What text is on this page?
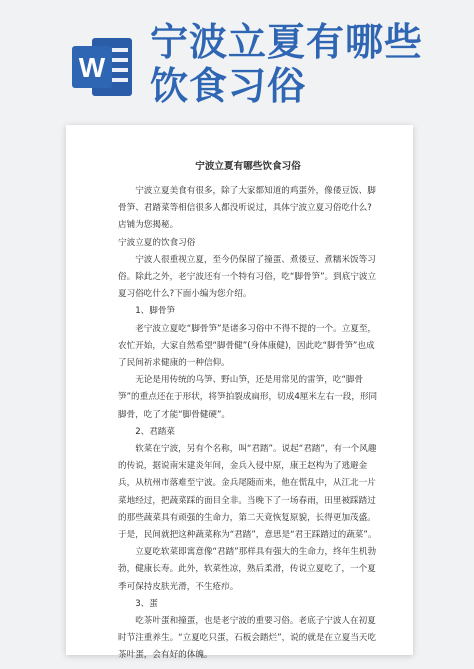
W
宁波立夏有哪些饮食习俗
宁波立夏有哪些饮食习俗

宁波立夏美食有很多，除了大家都知道的鸡蛋外，像倭豆饭、脚骨笋、君踏菜等相信很多人都没听说过，具体宁波立夏习俗吃什么?店铺为您揭秘。

宁波立夏的饮食习俗

宁波人很重视立夏，至今仍保留了撞蛋、煮倭豆、煮糯米饭等习俗。除此之外，老宁波还有一个特有习俗，吃“脚骨笋”。到底宁波立夏习俗吃什么?下面小编为您介绍。

1、脚骨笋

老宁波立夏吃“脚骨笋”是诸多习俗中不得不提的一个。立夏至，农忙开始，大家自然希望“脚骨健”(身体康健)，因此吃“脚骨笋”也成了民间祈求健康的一种信仰。

无论是用传统的乌笋、野山笋，还是用常见的雷笋，吃“脚骨笋”的重点还在于形状，将笋拍裂成扁形，切成4厘米左右一段，形同脚骨，吃了才能“脚骨健硬”。

2、君踏菜

软菜在宁波，另有个名称，叫“君踏”。说起“君踏”，有一个风趣的传说，据说南宋建炎年间，金兵入侵中原，康王赵构为了逃避金兵，从杭州市落难至宁波。金兵尾随而来，他在慌乱中，从江北一片菜地经过，把蔬菜踩的面目全非。当晚下了一场春雨，田里被踩踏过的那些蔬菜具有顽强的生命力，第二天竟恢复原貌，长得更加茂盛。于是，民间就把这种蔬菜称为“君踏”，意思是“君王踩踏过的蔬菜”。

立夏吃软菜即寓意像“君踏”那样具有强大的生命力，终年生机勃勃，健康长寿。此外，软菜性凉，熟后柔滑，传说立夏吃了，一个夏季可保持皮肤光滑，不生疮疖。

3、蛋

吃茶叶蛋和撞蛋，也是老宁波的重要习俗。老底子宁波人在初夏时节注重养生。“立夏吃只蛋，石板会踏烂”，说的就是在立夏当天吃茶叶蛋，会有好的体魄。
